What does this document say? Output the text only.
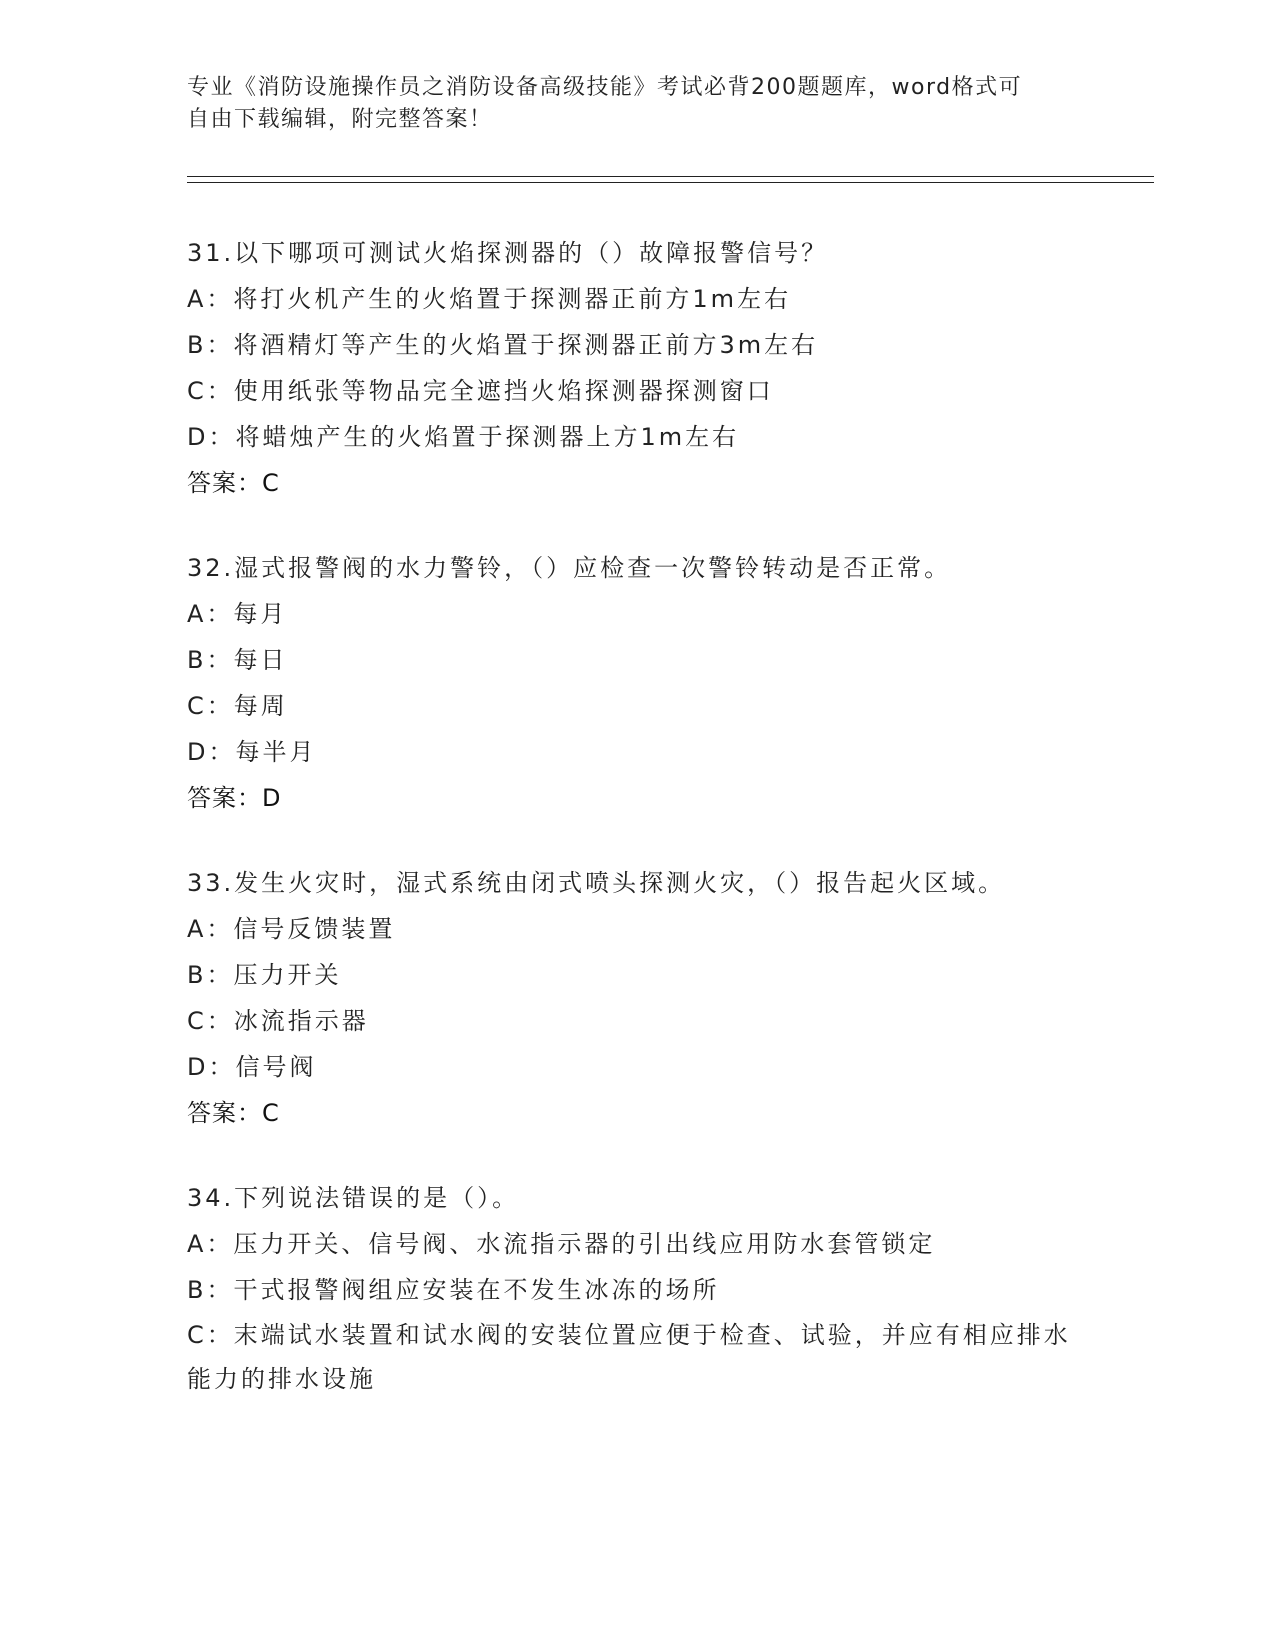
专业《消防设施操作员之消防设备高级技能》考试必背200题题库，word格式可
自由下载编辑，附完整答案！
31.以下哪项可测试火焰探测器的（）故障报警信号？
A：将打火机产生的火焰置于探测器正前方1m左右
B：将酒精灯等产生的火焰置于探测器正前方3m左右
C：使用纸张等物品完全遮挡火焰探测器探测窗口
D：将蜡烛产生的火焰置于探测器上方1m左右
答案：C
32.湿式报警阀的水力警铃，（）应检查一次警铃转动是否正常。
A：每月
B：每日
C：每周
D：每半月
答案：D
33.发生火灾时，湿式系统由闭式喷头探测火灾，（）报告起火区域。
A：信号反馈装置
B：压力开关
C：冰流指示器
D：信号阀
答案：C
34.下列说法错误的是（）。
A：压力开关、信号阀、水流指示器的引出线应用防水套管锁定
B：干式报警阀组应安装在不发生冰冻的场所
C：末端试水装置和试水阀的安装位置应便于检查、试验，并应有相应排水能力的排水设施
